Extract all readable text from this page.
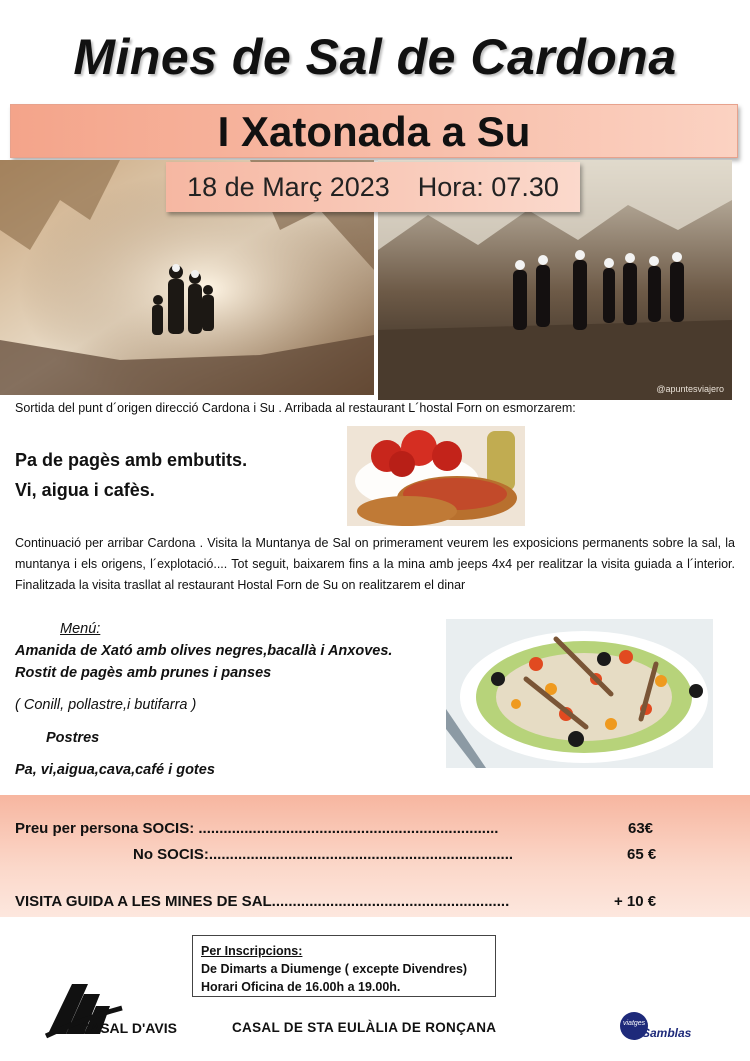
Mines de Sal de Cardona
I Xatonada a Su
@apuntesviajero
18 de Març 2023 Hora: 07.30
Sortida del punt d´origen direcció Cardona i Su . Arribada al restaurant L´hostal Forn on esmorzarem:
Pa de pagès amb embutits.
Vi, aigua i cafès.
Continuació per arribar Cardona . Visita la Muntanya de Sal on primerament veurem les exposicions permanents sobre la sal, la muntanya i els origens, l´explotació.... Tot seguit, baixarem fins a la mina amb jeeps 4x4 per realitzar la visita guiada a l´interior. Finalitzada la visita trasllat al restaurant Hostal Forn de Su on realitzarem el dinar
Menú:
Amanida de Xató amb olives negres,bacallà i Anxoves.
Rostit de pagès amb prunes i panses
( Conill, pollastre,i butifarra )
Postres
Pa, vi,aigua,cava,café i gotes
Preu per persona SOCIS: ........................................................................	63€
No SOCIS:.........................................................................	65 €
VISITA GUIDA A LES MINES DE SAL.........................................................	+ 10 €
Per Inscripcions:
De Dimarts a Diumenge ( excepte Divendres)
Horari Oficina de 16.00h a 19.00h.
CASAL D'AVIS	CASAL DE STA EULÀLIA DE RONÇANA	viatges
Samblas
